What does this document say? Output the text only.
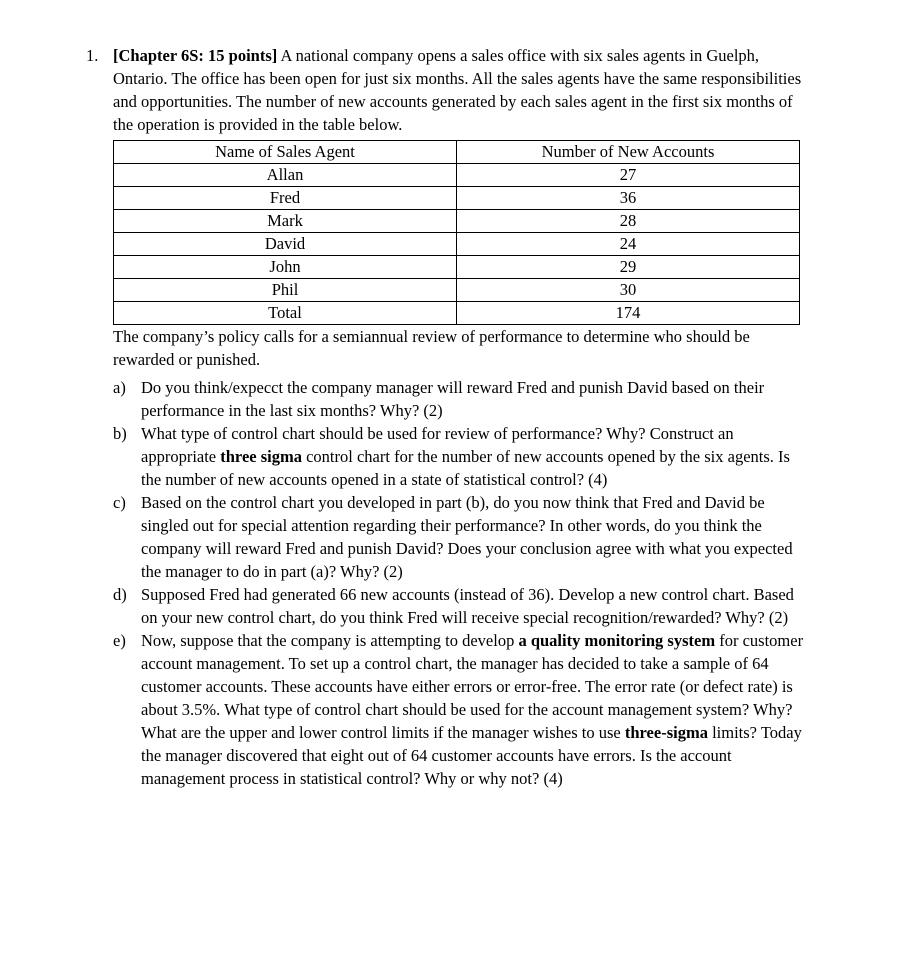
1. [Chapter 6S: 15 points] A national company opens a sales office with six sales agents in Guelph, Ontario. The office has been open for just six months. All the sales agents have the same responsibilities and opportunities. The number of new accounts generated by each sales agent in the first six months of the operation is provided in the table below.

Name of Sales Agent	Number of New Accounts
Allan	27
Fred	36
Mark	28
David	24
John	29
Phil	30
Total	174

The company’s policy calls for a semiannual review of performance to determine who should be rewarded or punished.

a) Do you think/expecct the company manager will reward Fred and punish David based on their performance in the last six months? Why? (2)

b) What type of control chart should be used for review of performance? Why? Construct an appropriate three sigma control chart for the number of new accounts opened by the six agents. Is the number of new accounts opened in a state of statistical control? (4)

c) Based on the control chart you developed in part (b), do you now think that Fred and David be singled out for special attention regarding their performance? In other words, do you think the company will reward Fred and punish David? Does your conclusion agree with what you expected the manager to do in part (a)? Why? (2)

d) Supposed Fred had generated 66 new accounts (instead of 36). Develop a new control chart. Based on your new control chart, do you think Fred will receive special recognition/rewarded? Why? (2)

e) Now, suppose that the company is attempting to develop a quality monitoring system for customer account management. To set up a control chart, the manager has decided to take a sample of 64 customer accounts. These accounts have either errors or error-free. The error rate (or defect rate) is about 3.5%. What type of control chart should be used for the account management system? Why? What are the upper and lower control limits if the manager wishes to use three-sigma limits? Today the manager discovered that eight out of 64 customer accounts have errors. Is the account management process in statistical control? Why or why not? (4)
